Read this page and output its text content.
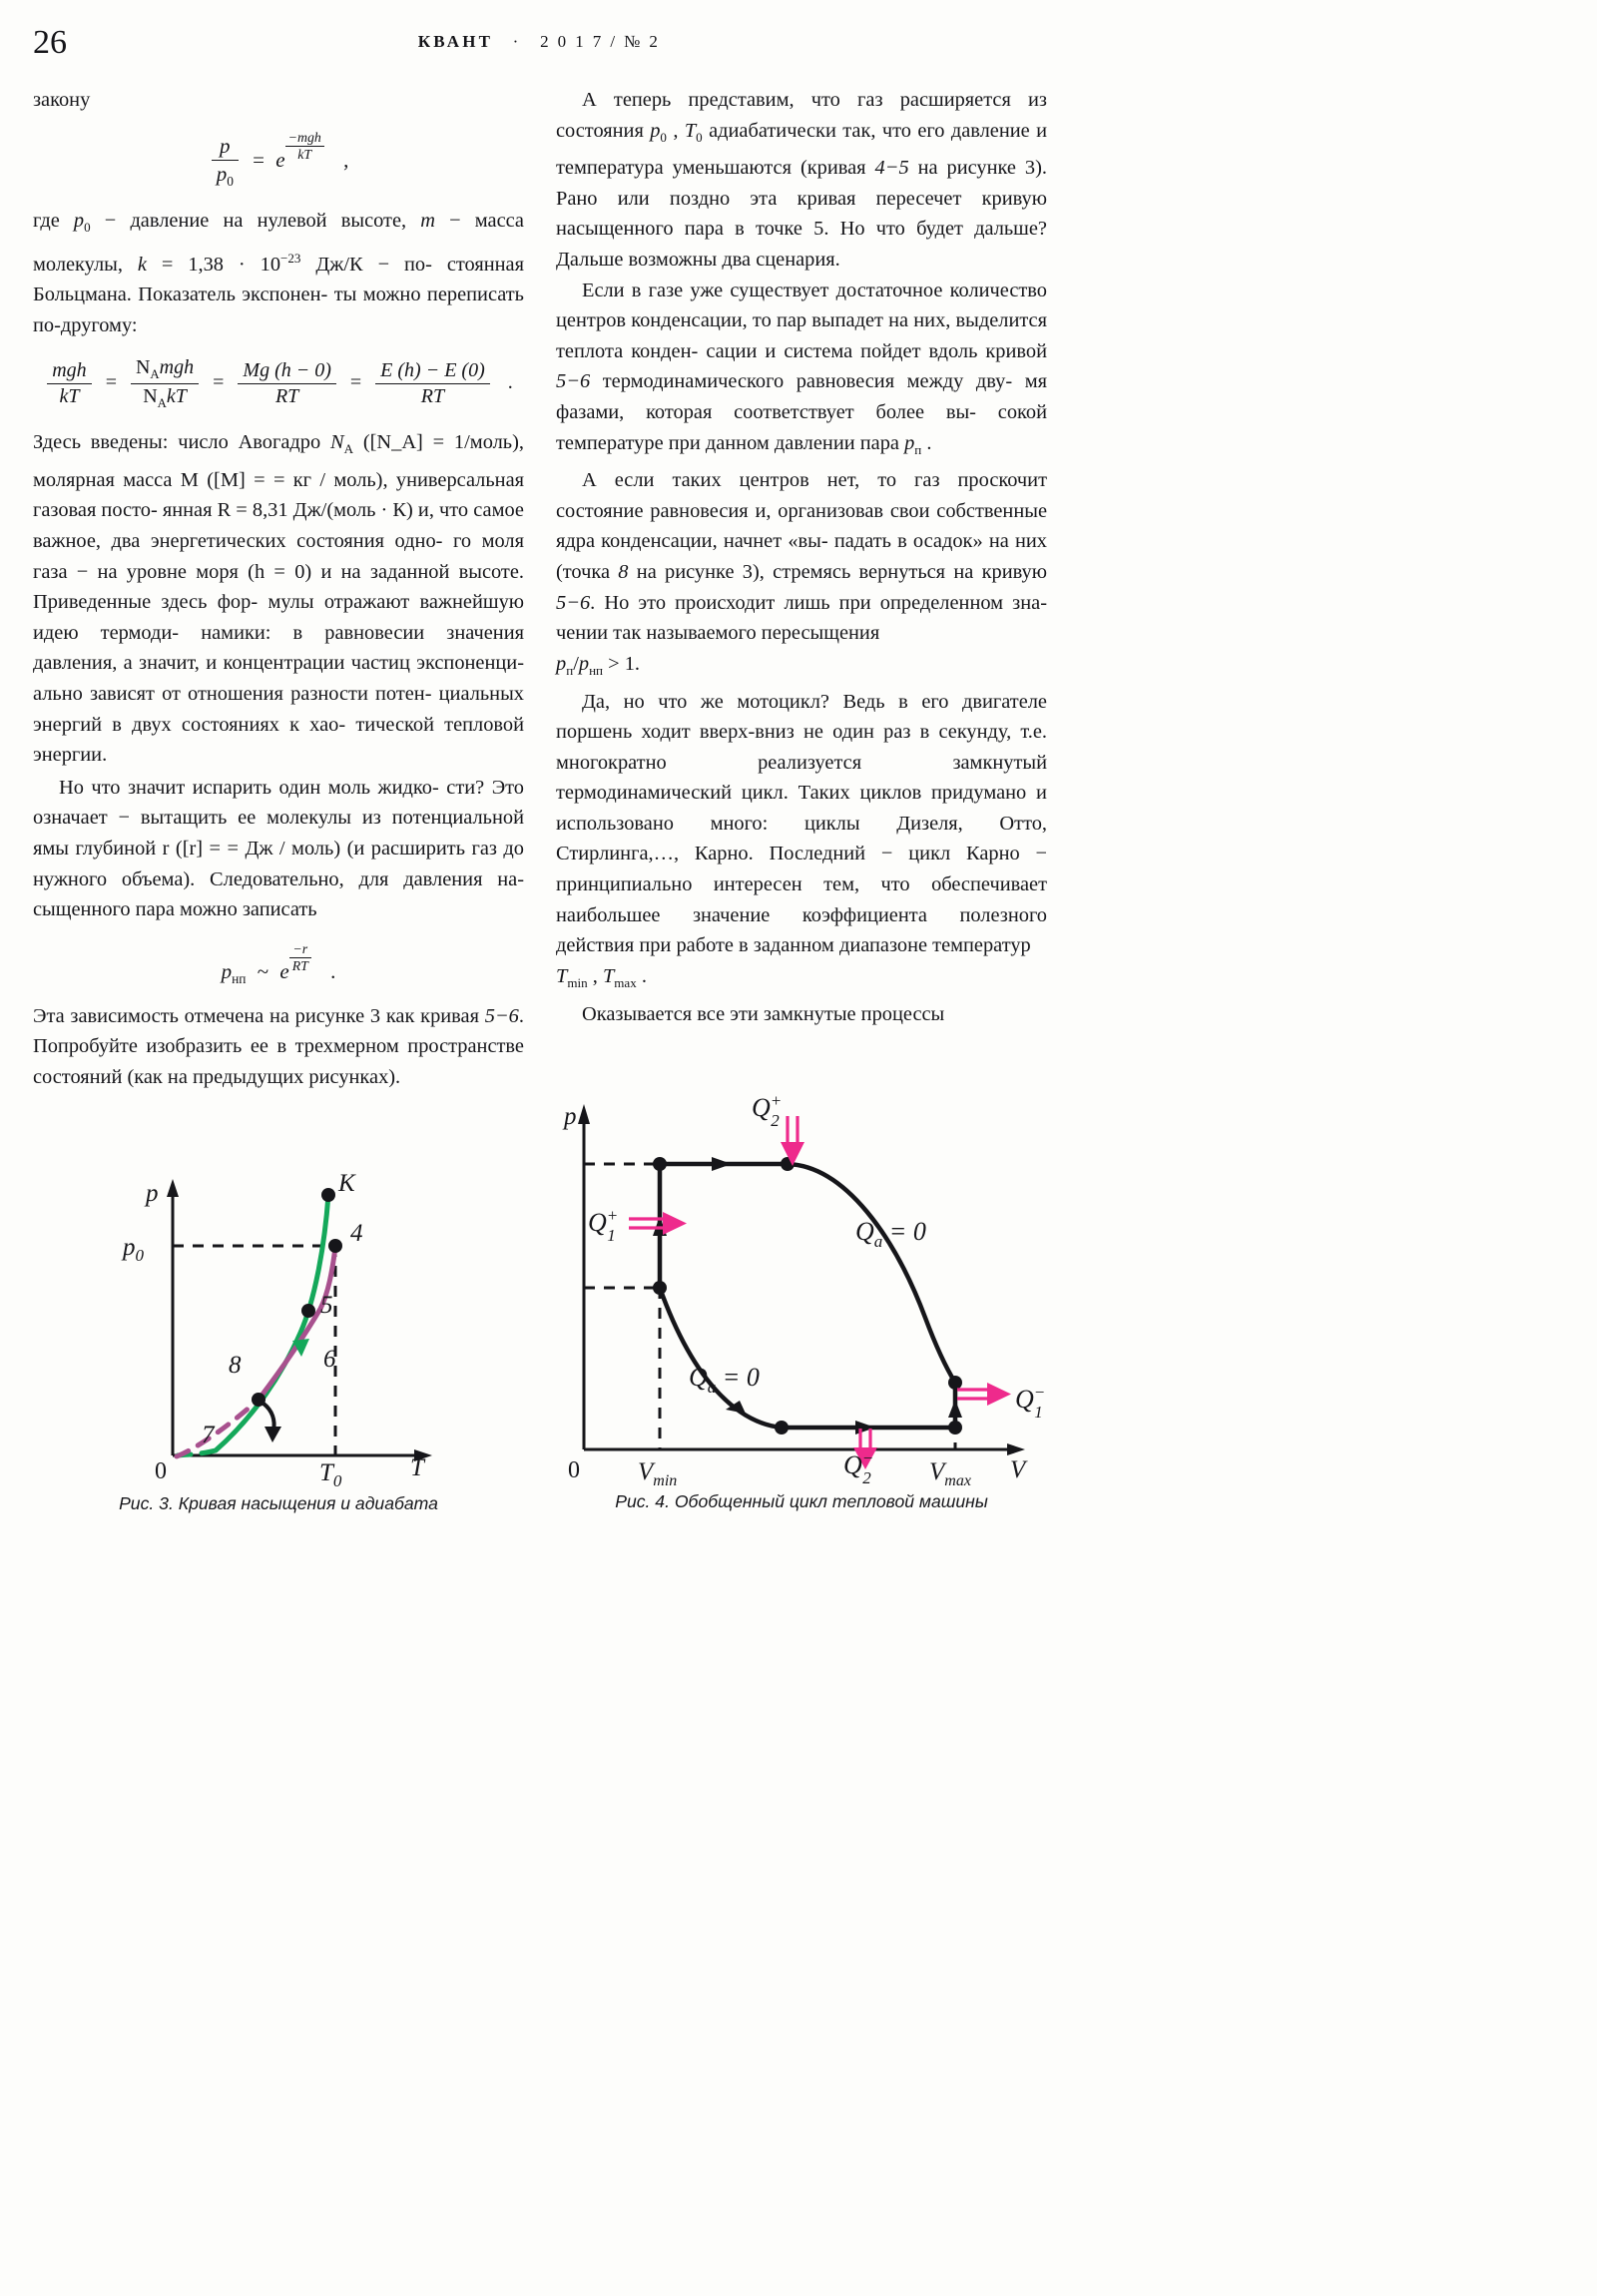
26	КВАНТ · 2 0 1 7 / № 2

закону

$\frac{p}{p_0} = e \frac{\text{−mgh}}{kT}$ ,

где $p_0$ − давление на нулевой высоте, m − масса молекулы, $k = 1,38 \cdot 10^{-23}$ Дж/К − по- стоянная Больцмана. Показатель экспонен- ты можно переписать по-другому:

$\frac{\text{mgh}}{kT} = \frac{N_Amgh}{N_AkT} = \frac{Mg (h - 0)}{RT} = \frac{E (h) - E (0)}{RT}$ .

Здесь введены: число Авогадро $N_A$ ([N_A] = 1/моль), молярная масса М ([М] = = кг / моль), универсальная газовая посто- янная R = 8,31 Дж/(моль · К) и, что самое важное, два энергетических состояния одно- го моля газа − на уровне моря (h = 0) и на заданной высоте. Приведенные здесь фор- мулы отражают важнейшую идею термоди- намики: в равновесии значения давления, а значит, и концентрации частиц экспоненци- ально зависят от отношения разности потен- циальных энергий в двух состояниях к хао- тической тепловой энергии.

Но что значит испарить один моль жидко- сти? Это означает − вытащить ее молекулы из потенциальной ямы глубиной r ([r] = = Дж / моль) (и расширить газ до нужного объема). Следовательно, для давления на- сыщенного пара можно записать

$p_{нп}$ ~ e $\frac{-r}{RT}$ .

Эта зависимость отмечена на рисунке 3 как кривая 5−6. Попробуйте изобразить ее в трехмерном пространстве состояний (как на предыдущих рисунках).

А теперь представим, что газ расширяется из состояния $p_0$ , $T_0$ адиабатически так, что его давление и температура уменьшаются (кривая 4−5 на рисунке 3). Рано или поздно эта кривая пересечет кривую насыщенного пара в точке 5. Но что будет дальше? Дальше возможны два сценария.

Если в газе уже существует достаточное количество центров конденсации, то пар выпадет на них, выделится теплота конден- сации и система пойдет вдоль кривой 5−6 термодинамического равновесия между дву- мя фазами, которая соответствует более вы- сокой температуре при данном давлении пара $p_п$ .

А если таких центров нет, то газ проскочит состояние равновесия и, организовав свои собственные ядра конденсации, начнет «вы- падать в осадок» на них (точка 8 на рисунке 3), стремясь вернуться на кривую 5−6. Но это происходит лишь при определенном зна- чении так называемого пересыщения
$p_п/p_{нп} > 1$.

Да, но что же мотоцикл? Ведь в его двигателе поршень ходит вверх-вниз не один раз в секунду, т.е. многократно реализуется	замкнутый термодинамический цикл. Таких циклов придумано и использовано много: циклы Дизеля, Отто, Стирлинга,…, Карно. Последний − цикл Карно − принципиально интересен тем, что обеспечивает наибольшее значение коэффициента полезного действия при работе в заданном диапазоне температур
$T_{min}$ , $T_{max}$ .

Оказывается все эти замкнутые процессы

p
T
0
$p_0$
$T_0$
K
4
5
6
7
8
Рис. 3. Кривая насыщения и адиабата
p
V
0 $V_{min}$	$V_{max}$
Q+ 1
Q+ 2
Q− 1
Q− 2
$Q_a = 0$
$Q_a = 0$
Рис. 4. Обобщенный цикл тепловой машины
